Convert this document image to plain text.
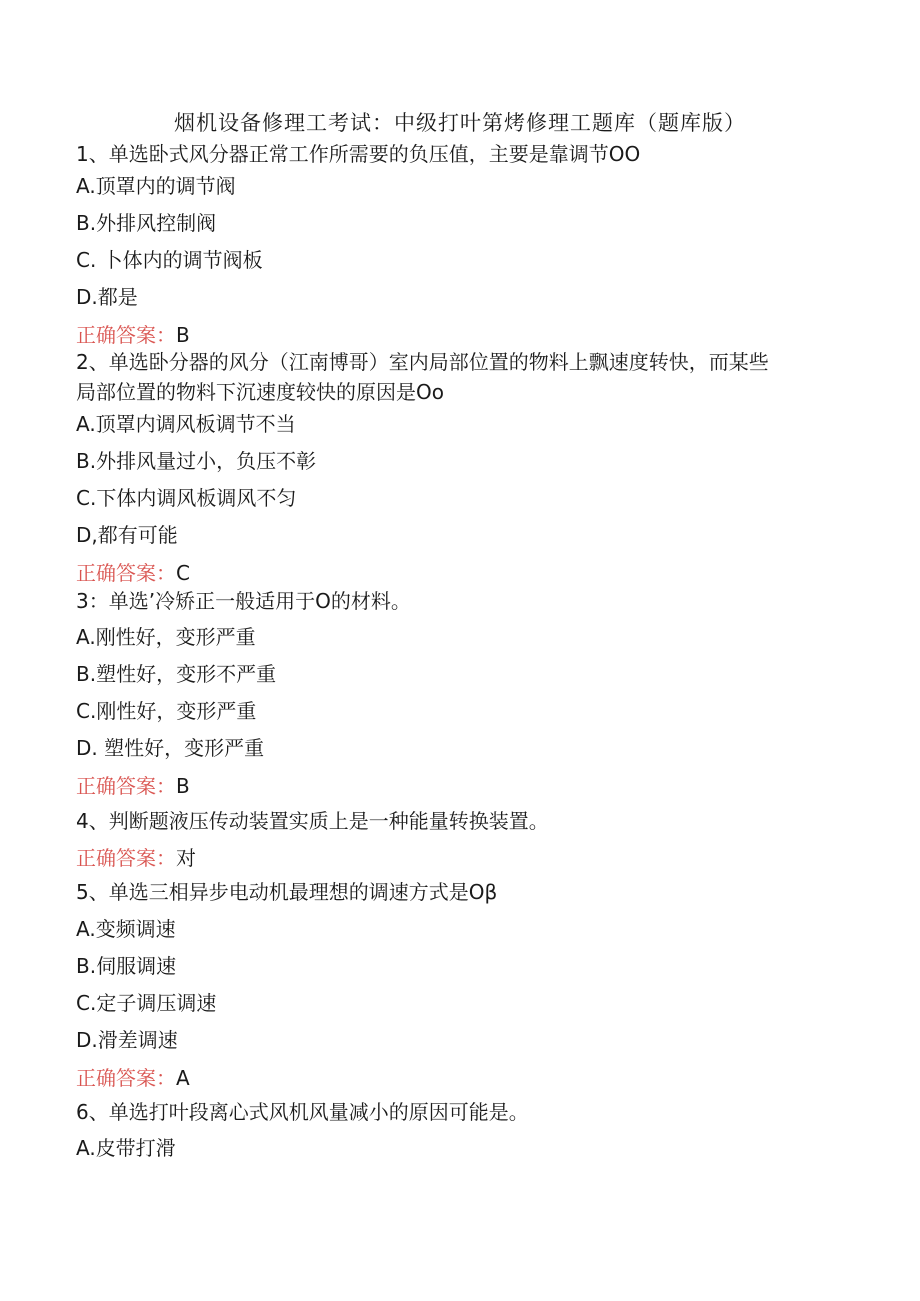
烟机设备修理工考试：中级打叶第烤修理工题库（题库版）
1、单选卧式风分器正常工作所需要的负压值，主要是靠调节OO
A.顶罩内的调节阀
B.外排风控制阀
C. 卜体内的调节阀板
D.都是
正确答案：B
2、单选卧分器的风分（江南博哥）室内局部位置的物料上飘速度转快，而某些
局部位置的物料下沉速度较快的原因是Oo
A.顶罩内调风板调节不当
B.外排风量过小，负压不彰
C.下体内调风板调风不匀
D,都有可能
正确答案：C
3：单选’冷矫正一般适用于O的材料。
A.刚性好，变形严重
B.塑性好，变形不严重
C.刚性好，变形严重
D. 塑性好，变形严重
正确答案：B
4、判断题液压传动装置实质上是一种能量转换装置。
正确答案：对
5、单选三相异步电动机最理想的调速方式是Oβ
A.变频调速
B.伺服调速
C.定子调压调速
D.滑差调速
正确答案：A
6、单选打叶段离心式风机风量减小的原因可能是。
A.皮带打滑
